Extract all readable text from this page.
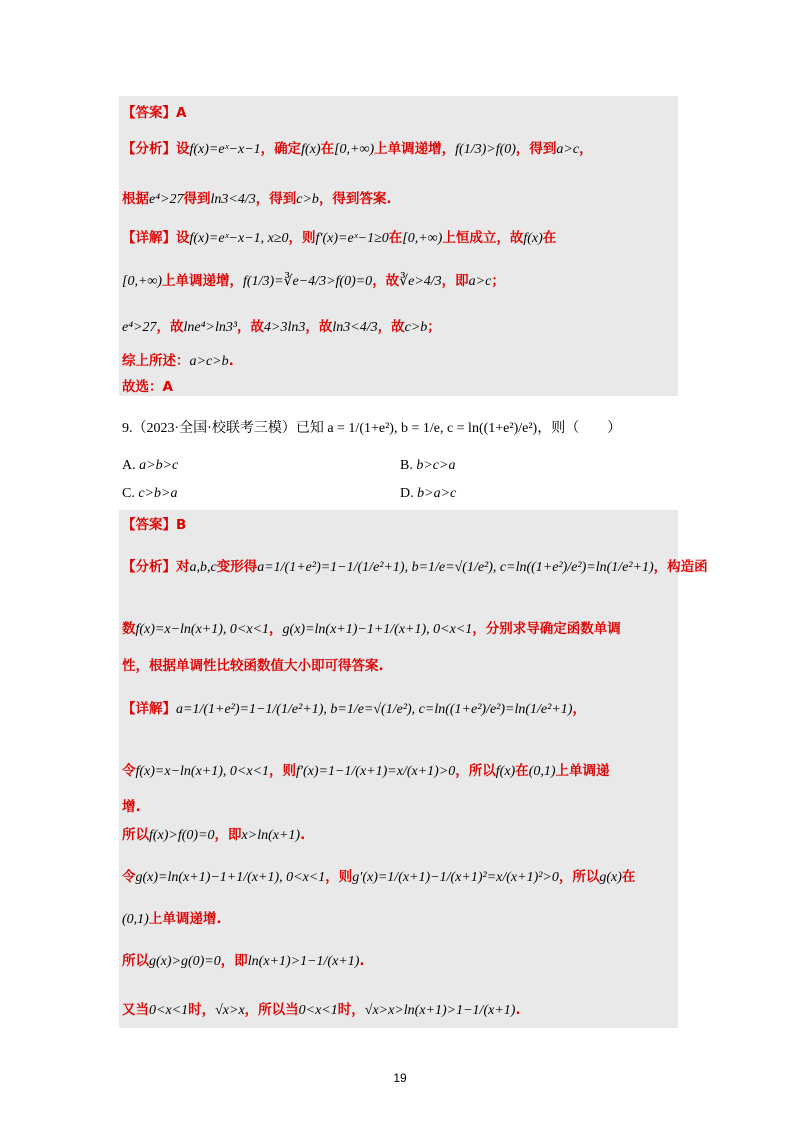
【答案】A
【分析】设f(x)=eˣ−x−1，确定f(x)在[0,+∞)上单调递增，f(1/3)>f(0)，得到a>c，
根据e⁴>27得到ln3<4/3，得到c>b，得到答案.
【详解】设f(x)=eˣ−x−1, x≥0，则f′(x)=eˣ−1≥0在[0,+∞)上恒成立，故f(x)在
[0,+∞)上单调递增，f(1/3)=∛e−4/3>f(0)=0，故∛e>4/3，即a>c；
e⁴>27，故lne⁴>ln3³，故4>3ln3，故ln3<4/3，故c>b；
综上所述：a>c>b.
故选：A
9.（2023·全国·校联考三模）已知 a = 1/(1+e²), b = 1/e, c = ln((1+e²)/e²)，则（　　）
A. a>b>c	B. b>c>a
C. c>b>a	D. b>a>c
【答案】B
【分析】对a,b,c变形得a=1/(1+e²)=1−1/(1/e²+1), b=1/e=√(1/e²), c=ln((1+e²)/e²)=ln(1/e²+1)，构造函
数f(x)=x−ln(x+1), 0<x<1，g(x)=ln(x+1)−1+1/(x+1), 0<x<1，分别求导确定函数单调
性，根据单调性比较函数值大小即可得答案.
【详解】a=1/(1+e²)=1−1/(1/e²+1), b=1/e=√(1/e²), c=ln((1+e²)/e²)=ln(1/e²+1)，
令f(x)=x−ln(x+1), 0<x<1，则f′(x)=1−1/(x+1)=x/(x+1)>0，所以f(x)在(0,1)上单调递
增.
所以f(x)>f(0)=0，即x>ln(x+1).
令g(x)=ln(x+1)−1+1/(x+1), 0<x<1，则g′(x)=1/(x+1)−1/(x+1)²=x/(x+1)²>0，所以g(x)在
(0,1)上单调递增.
所以g(x)>g(0)=0，即ln(x+1)>1−1/(x+1).
又当0<x<1时，√x>x，所以当0<x<1时，√x>x>ln(x+1)>1−1/(x+1).
19
